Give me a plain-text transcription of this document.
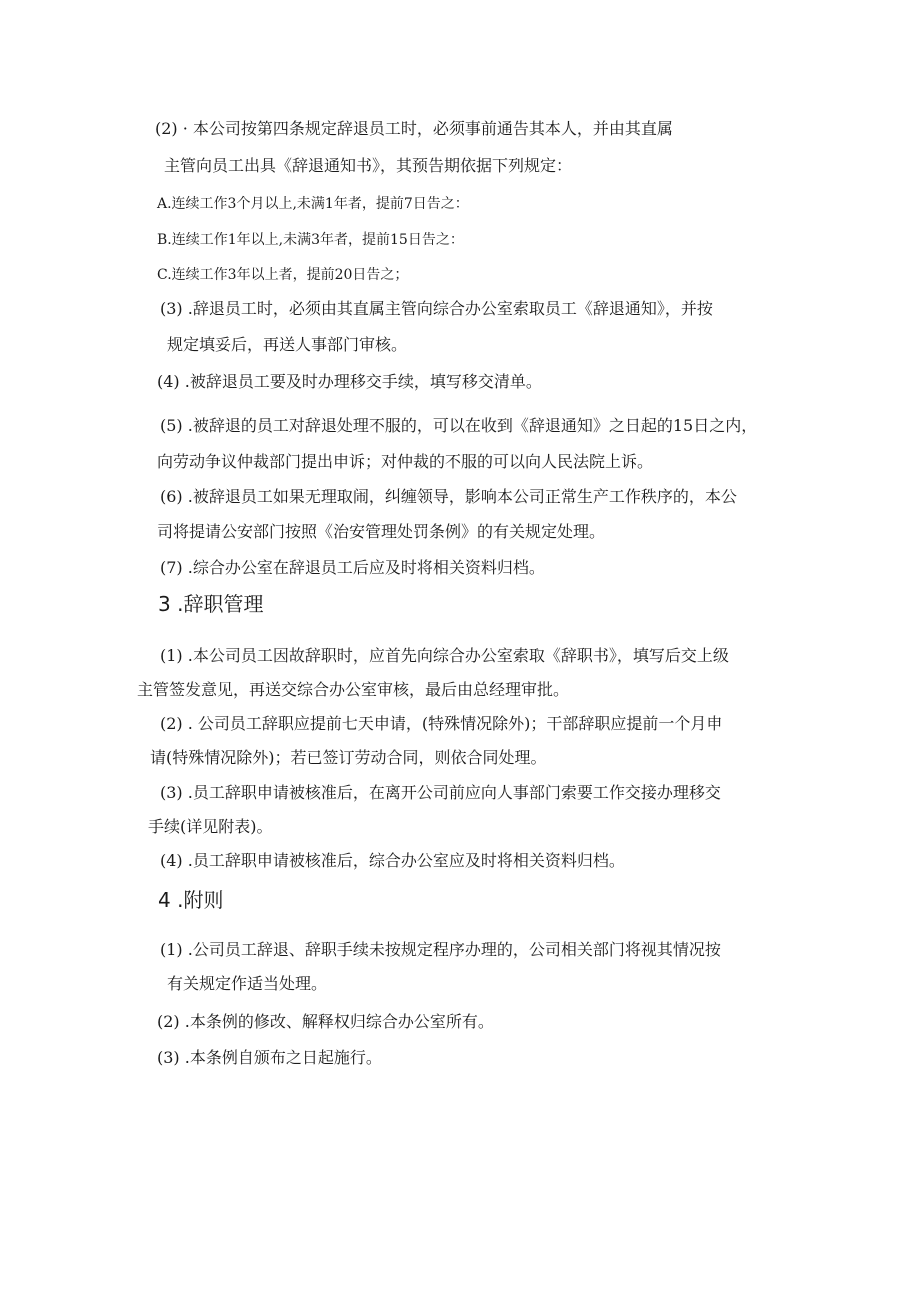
(2) · 本公司按第四条规定辞退员工时，必须事前通告其本人，并由其直属
主管向员工出具《辞退通知书》，其预告期依据下列规定：
A.连续工作3个月以上,未满1年者，提前7日告之：
B.连续工作1年以上,未满3年者，提前15日告之：
C.连续工作3年以上者，提前20日告之；
(3) .辞退员工时，必须由其直属主管向综合办公室索取员工《辞退通知》，并按
规定填妥后，再送人事部门审核。
(4) .被辞退员工要及时办理移交手续，填写移交清单。
(5) .被辞退的员工对辞退处理不服的，可以在收到《辞退通知》之日起的15日之内，
向劳动争议仲裁部门提出申诉；对仲裁的不服的可以向人民法院上诉。
(6) .被辞退员工如果无理取闹，纠缠领导，影响本公司正常生产工作秩序的，本公
司将提请公安部门按照《治安管理处罚条例》的有关规定处理。
(7) .综合办公室在辞退员工后应及时将相关资料归档。
3 .辞职管理
(1) .本公司员工因故辞职时，应首先向综合办公室索取《辞职书》，填写后交上级
主管签发意见，再送交综合办公室审核，最后由总经理审批。
(2) . 公司员工辞职应提前七天申请，(特殊情况除外)；干部辞职应提前一个月申
请(特殊情况除外)；若已签订劳动合同，则依合同处理。
(3) .员工辞职申请被核准后，在离开公司前应向人事部门索要工作交接办理移交
手续(详见附表)。
(4) .员工辞职申请被核准后，综合办公室应及时将相关资料归档。
4 .附则
(1) .公司员工辞退、辞职手续未按规定程序办理的，公司相关部门将视其情况按
有关规定作适当处理。
(2) .本条例的修改、解释权归综合办公室所有。
(3) .本条例自颁布之日起施行。
